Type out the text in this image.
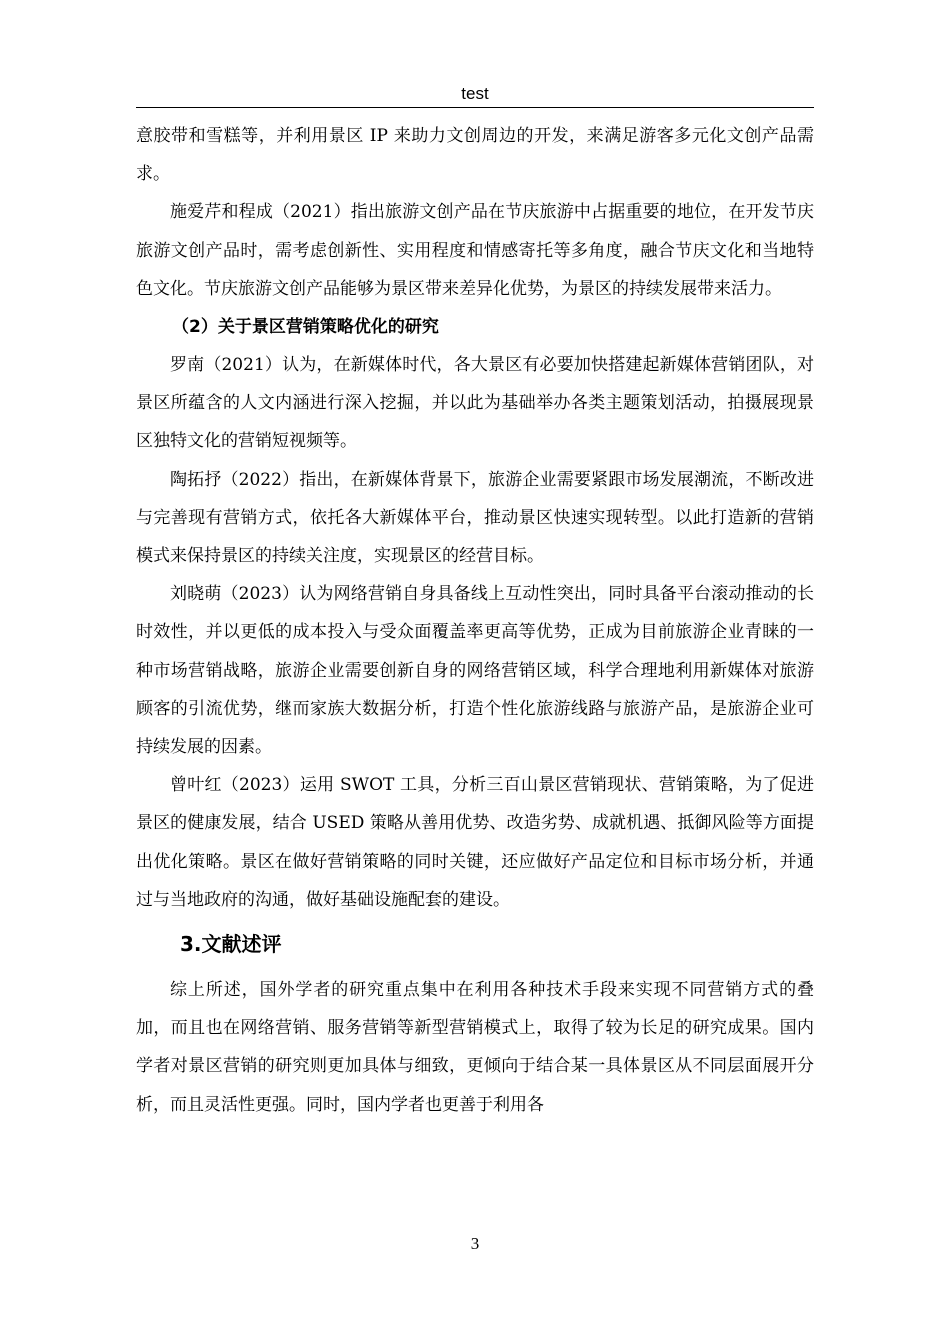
test

意胶带和雪糕等，并利用景区 IP 来助力文创周边的开发，来满足游客多元化文创产品需求。

施爱芹和程成（2021）指出旅游文创产品在节庆旅游中占据重要的地位，在开发节庆旅游文创产品时，需考虑创新性、实用程度和情感寄托等多角度，融合节庆文化和当地特色文化。节庆旅游文创产品能够为景区带来差异化优势，为景区的持续发展带来活力。

（2）关于景区营销策略优化的研究

罗南（2021）认为，在新媒体时代，各大景区有必要加快搭建起新媒体营销团队，对景区所蕴含的人文内涵进行深入挖掘，并以此为基础举办各类主题策划活动，拍摄展现景区独特文化的营销短视频等。

陶拓抒（2022）指出，在新媒体背景下，旅游企业需要紧跟市场发展潮流，不断改进与完善现有营销方式，依托各大新媒体平台，推动景区快速实现转型。以此打造新的营销模式来保持景区的持续关注度，实现景区的经营目标。

刘晓萌（2023）认为网络营销自身具备线上互动性突出，同时具备平台滚动推动的长时效性，并以更低的成本投入与受众面覆盖率更高等优势，正成为目前旅游企业青睐的一种市场营销战略，旅游企业需要创新自身的网络营销区域，科学合理地利用新媒体对旅游顾客的引流优势，继而家族大数据分析，打造个性化旅游线路与旅游产品，是旅游企业可持续发展的因素。

曾叶红（2023）运用 SWOT 工具，分析三百山景区营销现状、营销策略，为了促进景区的健康发展，结合 USED 策略从善用优势、改造劣势、成就机遇、抵御风险等方面提出优化策略。景区在做好营销策略的同时关键，还应做好产品定位和目标市场分析，并通过与当地政府的沟通，做好基础设施配套的建设。

3.文献述评

综上所述，国外学者的研究重点集中在利用各种技术手段来实现不同营销方式的叠加，而且也在网络营销、服务营销等新型营销模式上，取得了较为长足的研究成果。国内学者对景区营销的研究则更加具体与细致，更倾向于结合某一具体景区从不同层面展开分析，而且灵活性更强。同时，国内学者也更善于利用各

3
